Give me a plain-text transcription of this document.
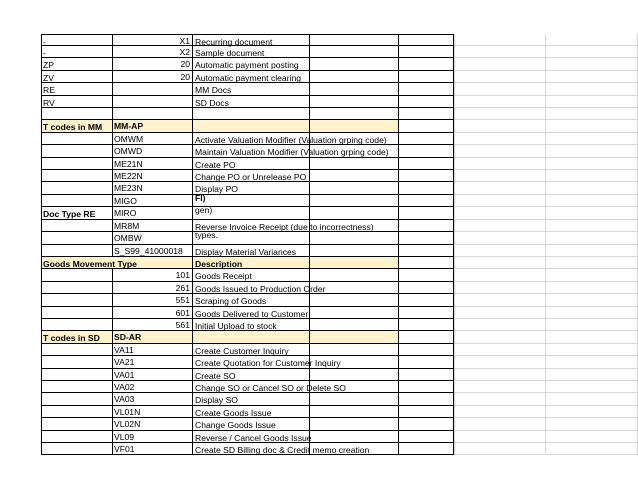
-	X1 Recurring document
-	X2 Sample document
ZP	20 Automatic payment posting
ZV	20 Automatic payment clearing
RE	MM Docs
RV	SD Docs
T codes in MM	MM-AP
OMWM	Activate Valuation Modifier (Valuation grping code)
OMWD	Maintain Valuation Modifier (Valuation grping code)
ME21N	Create PO
ME22N	Change PO or Unrelease PO
ME23N	Display PO
MIGO	FI)
Doc Type RE	MIRO	gen)
MR8M	Reverse Invoice Receipt (due to incorrectness)
OMBW	types.
S_S99_41000018	Display Material Variances
Goods Movement Type	Description
101 Goods Receipt
261 Goods Issued to Production Order
551 Scraping of Goods
601 Goods Delivered to Customer
561 Initial Upload to stock
T codes in SD	SD-AR
VA11	Create Customer Inquiry
VA21	Create Quotation for Customer Inquiry
VA01	Create SO
VA02	Change SO or Cancel SO or Delete SO
VA03	Display SO
VL01N	Create Goods Issue
VL02N	Change Goods Issue
VL09	Reverse / Cancel Goods Issue
VF01	Create SD Billing doc & Credit memo creation
